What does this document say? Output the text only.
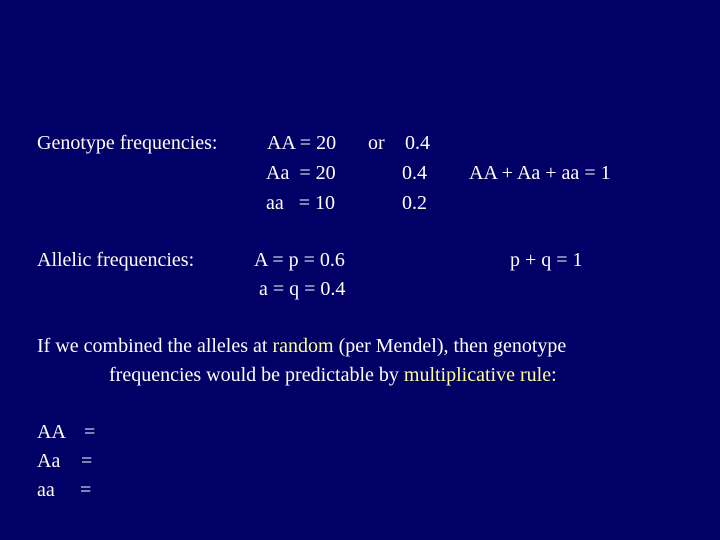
Genotype frequencies: AA = 20 or 0.4
Aa  = 20	0.4
aa   = 10	0.2
AA + Aa + aa = 1
Allelic frequencies:	A = p = 0.6
a = q = 0.4
p + q = 1
If we combined the alleles at random (per Mendel), then genotype
frequencies would be predictable by multiplicative rule:
AA =
Aa =
aa =
